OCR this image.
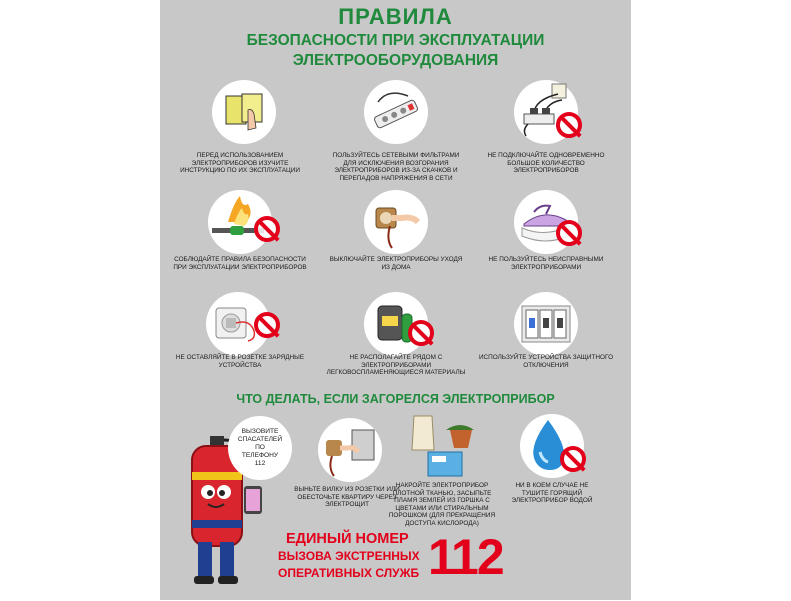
ПРАВИЛА
БЕЗОПАСНОСТИ ПРИ ЭКСПЛУАТАЦИИ
ЭЛЕКТРООБОРУДОВАНИЯ
ПЕРЕД ИСПОЛЬЗОВАНИЕМ ЭЛЕКТРОПРИБОРОВ ИЗУЧИТЕ ИНСТРУКЦИЮ ПО ИХ ЭКСПЛУАТАЦИИ
ПОЛЬЗУЙТЕСЬ СЕТЕВЫМИ ФИЛЬТРАМИ ДЛЯ ИСКЛЮЧЕНИЯ ВОЗГОРАНИЯ ЭЛЕКТРОПРИБОРОВ ИЗ-ЗА СКАЧКОВ И ПЕРЕПАДОВ НАПРЯЖЕНИЯ В СЕТИ
НЕ ПОДКЛЮЧАЙТЕ ОДНОВРЕМЕННО БОЛЬШОЕ КОЛИЧЕСТВО ЭЛЕКТРОПРИБОРОВ
СОБЛЮДАЙТЕ ПРАВИЛА БЕЗОПАСНОСТИ ПРИ ЭКСПЛУАТАЦИИ ЭЛЕКТРОПРИБОРОВ
ВЫКЛЮЧАЙТЕ ЭЛЕКТРОПРИБОРЫ УХОДЯ ИЗ ДОМА
НЕ ПОЛЬЗУЙТЕСЬ НЕИСПРАВНЫМИ ЭЛЕКТРОПРИБОРАМИ
НЕ ОСТАВЛЯЙТЕ В РОЗЕТКЕ ЗАРЯДНЫЕ УСТРОЙСТВА
НЕ РАСПОЛАГАЙТЕ РЯДОМ С ЭЛЕКТРОПРИБОРАМИ ЛЕГКОВОСПЛАМЕНЯЮЩИЕСЯ МАТЕРИАЛЫ
ИСПОЛЬЗУЙТЕ УСТРОЙСТВА ЗАЩИТНОГО ОТКЛЮЧЕНИЯ
ЧТО ДЕЛАТЬ, ЕСЛИ ЗАГОРЕЛСЯ ЭЛЕКТРОПРИБОР
ВЫЗОВИТЕ СПАСАТЕЛЕЙ ПО ТЕЛЕФОНУ 112
ВЫНЬТЕ ВИЛКУ ИЗ РОЗЕТКИ ИЛИ ОБЕСТОЧЬТЕ КВАРТИРУ ЧЕРЕЗ ЭЛЕКТРОЩИТ
НАКРОЙТЕ ЭЛЕКТРОПРИБОР ПЛОТНОЙ ТКАНЬЮ, ЗАСЫПЬТЕ ПЛАМЯ ЗЕМЛЕЙ ИЗ ГОРШКА С ЦВЕТАМИ ИЛИ СТИРАЛЬНЫМ ПОРОШКОМ (ДЛЯ ПРЕКРАЩЕНИЯ ДОСТУПА КИСЛОРОДА)
НИ В КОЕМ СЛУЧАЕ НЕ ТУШИТЕ ГОРЯЩИЙ ЭЛЕКТРОПРИБОР ВОДОЙ
ЕДИНЫЙ НОМЕР
ВЫЗОВА ЭКСТРЕННЫХ
ОПЕРАТИВНЫХ СЛУЖБ 112
